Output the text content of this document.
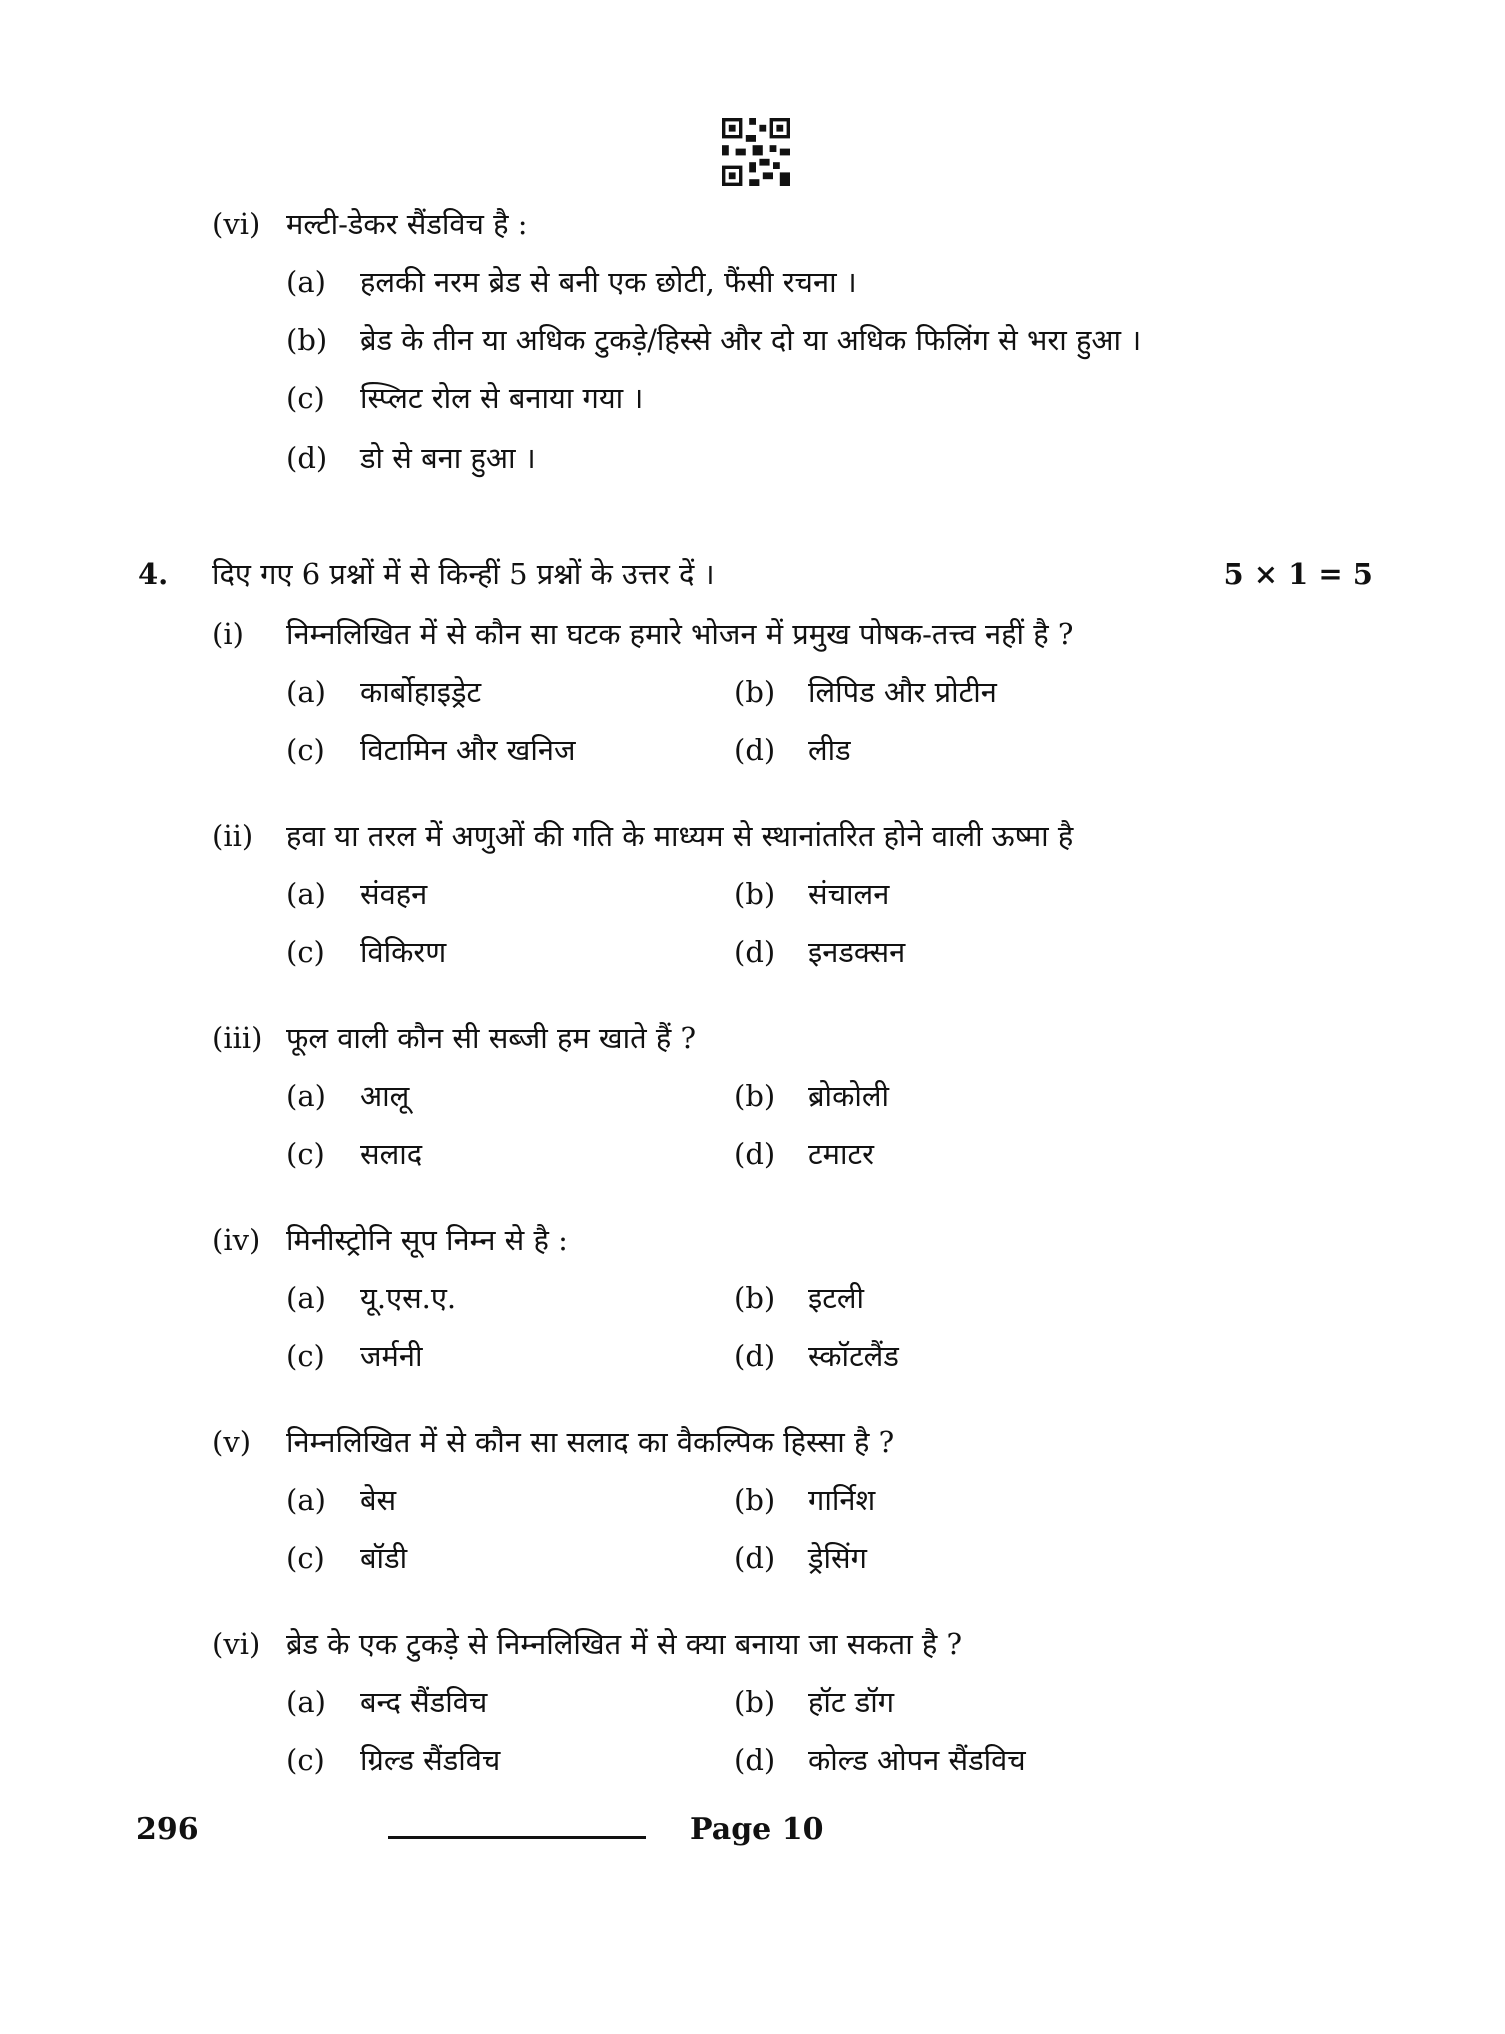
(vi) मल्टी-डेकर सैंडविच है :
(a) हलकी नरम ब्रेड से बनी एक छोटी, फैंसी रचना ।
(b) ब्रेड के तीन या अधिक टुकड़े/हिस्से और दो या अधिक फिलिंग से भरा हुआ ।
(c) स्प्लिट रोल से बनाया गया ।
(d) डो से बना हुआ ।
4. दिए गए 6 प्रश्नों में से किन्हीं 5 प्रश्नों के उत्तर दें ।	5 × 1 = 5
(i) निम्नलिखित में से कौन सा घटक हमारे भोजन में प्रमुख पोषक-तत्त्व नहीं है ?
(a) कार्बोहाइड्रेट	(b) लिपिड और प्रोटीन
(c) विटामिन और खनिज	(d) लीड
(ii) हवा या तरल में अणुओं की गति के माध्यम से स्थानांतरित होने वाली ऊष्मा है
(a) संवहन	(b) संचालन
(c) विकिरण	(d) इनडक्सन
(iii) फूल वाली कौन सी सब्जी हम खाते हैं ?
(a) आलू	(b) ब्रोकोली
(c) सलाद	(d) टमाटर
(iv) मिनीस्ट्रोनि सूप निम्न से है :
(a) यू.एस.ए.	(b) इटली
(c) जर्मनी	(d) स्कॉटलैंड
(v) निम्नलिखित में से कौन सा सलाद का वैकल्पिक हिस्सा है ?
(a) बेस	(b) गार्निश
(c) बॉडी	(d) ड्रेसिंग
(vi) ब्रेड के एक टुकड़े से निम्नलिखित में से क्या बनाया जा सकता है ?
(a) बन्द सैंडविच	(b) हॉट डॉग
(c) ग्रिल्ड सैंडविच	(d) कोल्ड ओपन सैंडविच
296	Page 10
